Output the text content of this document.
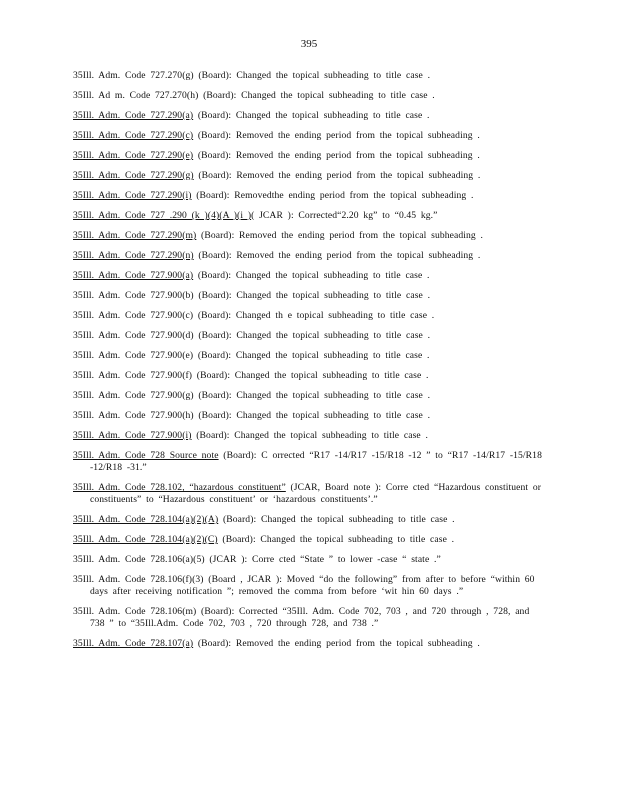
395

35Ill. Adm. Code 727.270(g) (Board): Changed the topical subheading to title case .

35Ill. Ad m. Code 727.270(h) (Board): Changed the topical subheading to title case .

35Ill. Adm. Code 727.290(a) (Board): Changed the topical subheading to title case .

35Ill. Adm. Code 727.290(c) (Board): Removed the ending period from the topical subheading .

35Ill. Adm. Code 727.290(e) (Board): Removed the ending period from the topical subheading .

35Ill. Adm. Code 727.290(g) (Board): Removed the ending period from the topical subheading .

35Ill. Adm. Code 727.290(i) (Board): Removedthe ending period from the topical subheading .

35Ill. Adm. Code 727 .290 (k )(4)(A )(i )( JCAR ): Corrected“2.20 kg” to “0.45 kg.”

35Ill. Adm. Code 727.290(m) (Board): Removed the ending period from the topical subheading .

35Ill. Adm. Code 727.290(n) (Board): Removed the ending period from the topical subheading .

35Ill. Adm. Code 727.900(a) (Board): Changed the topical subheading to title case .

35Ill. Adm. Code 727.900(b) (Board): Changed the topical subheading to title case .

35Ill. Adm. Code 727.900(c) (Board): Changed th e topical subheading to title case .

35Ill. Adm. Code 727.900(d) (Board): Changed the topical subheading to title case .

35Ill. Adm. Code 727.900(e) (Board): Changed the topical subheading to title case .

35Ill. Adm. Code 727.900(f) (Board): Changed the topical subheading to title case .

35Ill. Adm. Code 727.900(g) (Board): Changed the topical subheading to title case .

35Ill. Adm. Code 727.900(h) (Board): Changed the topical subheading to title case .

35Ill. Adm. Code 727.900(i) (Board): Changed the topical subheading to title case .

35Ill. Adm. Code 728 Source note (Board): C orrected “R17 -14/R17 -15/R18 -12 ” to “R17 -14/R17 -15/R18 -12/R18 -31.”

35Ill. Adm. Code 728.102, “hazardous constituent” (JCAR, Board note ): Corre cted “Hazardous constituent or constituents” to “Hazardous constituent’ or ‘hazardous constituents’.”

35Ill. Adm. Code 728.104(a)(2)(A) (Board): Changed the topical subheading to title case .

35Ill. Adm. Code 728.104(a)(2)(C) (Board): Changed the topical subheading to title case .

35Ill. Adm. Code 728.106(a)(5) (JCAR ): Corre cted “State ” to lower -case “ state .”

35Ill. Adm. Code 728.106(f)(3) (Board , JCAR ): Moved “do the following” from after to before “within 60 days after receiving notification ”; removed the comma from before ‘wit hin 60 days .”

35Ill. Adm. Code 728.106(m) (Board): Corrected “35Ill. Adm. Code 702, 703 , and 720 through , 728, and 738 ” to “35Ill.Adm. Code 702, 703 , 720 through 728, and 738 .”

35Ill. Adm. Code 728.107(a) (Board): Removed the ending period from the topical subheading .
